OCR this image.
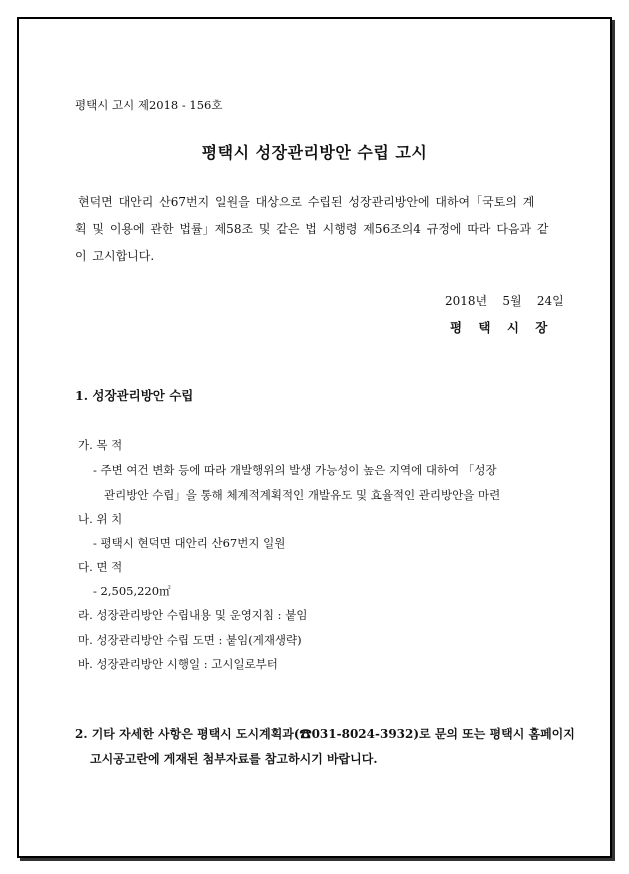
평택시 고시 제2018 - 156호
평택시 성장관리방안 수립 고시
현덕면 대안리 산67번지 일원을 대상으로 수립된 성장관리방안에 대하여「국토의 계
획 및 이용에 관한 법률」제58조 및 같은 법 시행령 제56조의4 규정에 따라 다음과 같
이 고시합니다.
2018년 5월 24일
평 택 시 장
1. 성장관리방안 수립
가. 목 적
- 주변 여건 변화 등에 따라 개발행위의 발생 가능성이 높은 지역에 대하여 「성장
관리방안 수립」을 통해 체계적계획적인 개발유도 및 효율적인 관리방안을 마련
나. 위 치
- 평택시 현덕면 대안리 산67번지 일원
다. 면 적
- 2,505,220㎡
라. 성장관리방안 수립내용 및 운영지침 : 붙임
마. 성장관리방안 수립 도면 : 붙임(게재생략)
바. 성장관리방안 시행일 : 고시일로부터
2. 기타 자세한 사항은 평택시 도시계획과(☎031-8024-3932)로 문의 또는 평택시 홈페이지
고시공고란에 게재된 첨부자료를 참고하시기 바랍니다.
